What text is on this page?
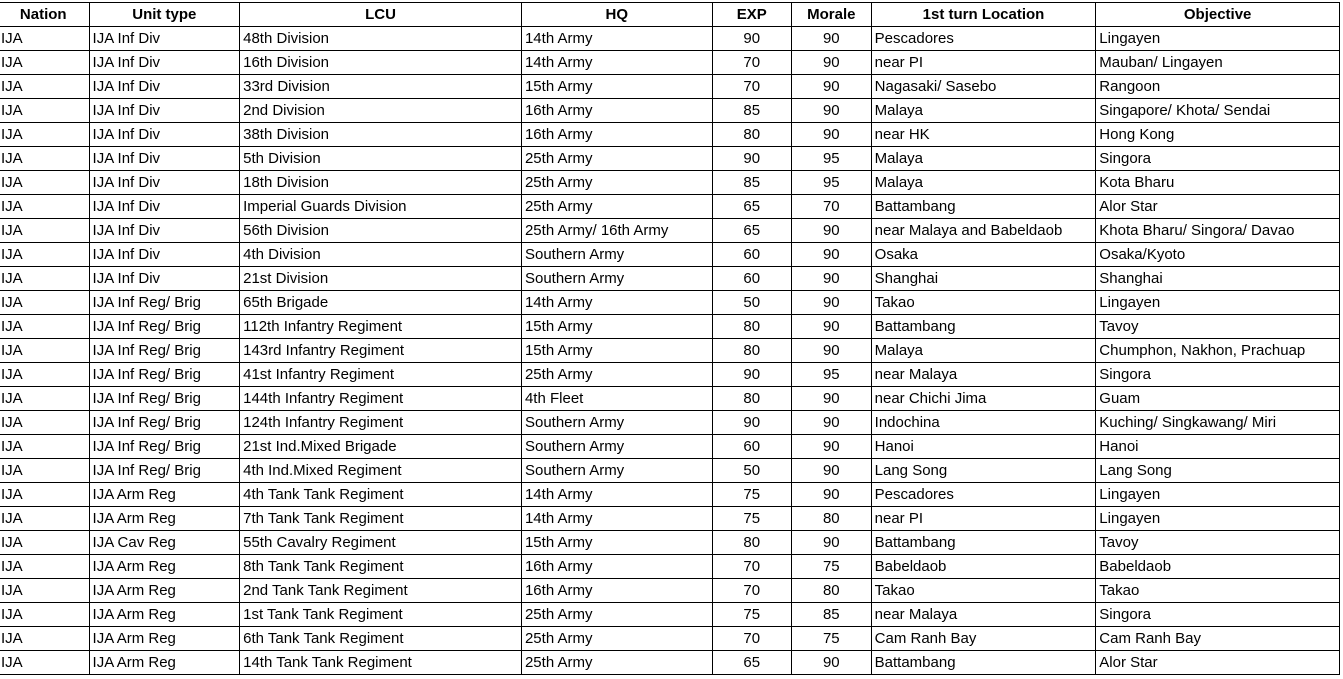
Nation	Unit type	LCU	HQ	EXP	Morale	1st turn Location	Objective
IJA	IJA Inf Div	48th Division	14th Army	90	90	Pescadores	Lingayen
IJA	IJA Inf Div	16th Division	14th Army	70	90	near PI	Mauban/ Lingayen
IJA	IJA Inf Div	33rd Division	15th Army	70	90	Nagasaki/ Sasebo	Rangoon
IJA	IJA Inf Div	2nd Division	16th Army	85	90	Malaya	Singapore/ Khota/ Sendai
IJA	IJA Inf Div	38th Division	16th Army	80	90	near HK	Hong Kong
IJA	IJA Inf Div	5th Division	25th Army	90	95	Malaya	Singora
IJA	IJA Inf Div	18th Division	25th Army	85	95	Malaya	Kota Bharu
IJA	IJA Inf Div	Imperial Guards Division	25th Army	65	70	Battambang	Alor Star
IJA	IJA Inf Div	56th Division	25th Army/ 16th Army	65	90	near Malaya and Babeldaob	Khota Bharu/ Singora/ Davao
IJA	IJA Inf Div	4th Division	Southern Army	60	90	Osaka	Osaka/Kyoto
IJA	IJA Inf Div	21st Division	Southern Army	60	90	Shanghai	Shanghai
IJA	IJA Inf Reg/ Brig	65th Brigade	14th Army	50	90	Takao	Lingayen
IJA	IJA Inf Reg/ Brig	112th Infantry Regiment	15th Army	80	90	Battambang	Tavoy
IJA	IJA Inf Reg/ Brig	143rd Infantry Regiment	15th Army	80	90	Malaya	Chumphon, Nakhon, Prachuap
IJA	IJA Inf Reg/ Brig	41st Infantry Regiment	25th Army	90	95	near Malaya	Singora
IJA	IJA Inf Reg/ Brig	144th Infantry Regiment	4th Fleet	80	90	near Chichi Jima	Guam
IJA	IJA Inf Reg/ Brig	124th Infantry Regiment	Southern Army	90	90	Indochina	Kuching/ Singkawang/ Miri
IJA	IJA Inf Reg/ Brig	21st Ind.Mixed Brigade	Southern Army	60	90	Hanoi	Hanoi
IJA	IJA Inf Reg/ Brig	4th Ind.Mixed Regiment	Southern Army	50	90	Lang Song	Lang Song
IJA	IJA Arm Reg	4th Tank Tank Regiment	14th Army	75	90	Pescadores	Lingayen
IJA	IJA Arm Reg	7th Tank Tank Regiment	14th Army	75	80	near PI	Lingayen
IJA	IJA Cav Reg	55th Cavalry Regiment	15th Army	80	90	Battambang	Tavoy
IJA	IJA Arm Reg	8th Tank Tank Regiment	16th Army	70	75	Babeldaob	Babeldaob
IJA	IJA Arm Reg	2nd Tank Tank Regiment	16th Army	70	80	Takao	Takao
IJA	IJA Arm Reg	1st Tank Tank Regiment	25th Army	75	85	near Malaya	Singora
IJA	IJA Arm Reg	6th Tank Tank Regiment	25th Army	70	75	Cam Ranh Bay	Cam Ranh Bay
IJA	IJA Arm Reg	14th Tank Tank Regiment	25th Army	65	90	Battambang	Alor Star
